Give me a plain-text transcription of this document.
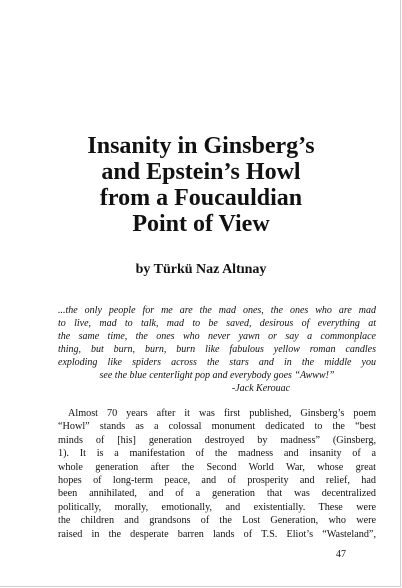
Insanity in Ginsberg’s
and Epstein’s Howl
from a Foucauldian
Point of View
by Türkü Naz Altınay
...the only people for me are the mad ones, the ones who are mad
to live, mad to talk, mad to be saved, desirous of everything at
the same time, the ones who never yawn or say a commonplace
thing, but burn, burn, burn like fabulous yellow roman candles
exploding like spiders across the stars and in the middle you
see the blue centerlight pop and everybody goes “Awww!”
-Jack Kerouac
Almost 70 years after it was first published, Ginsberg’s poem
“Howl” stands as a colossal monument dedicated to the “best
minds of [his] generation destroyed by madness” (Ginsberg,
1). It is a manifestation of the madness and insanity of a
whole generation after the Second World War, whose great
hopes of long-term peace, and of prosperity and relief, had
been annihilated, and of a generation that was decentralized
politically, morally, emotionally, and existentially. These were
the children and grandsons of the Lost Generation, who were
raised in the desperate barren lands of T.S. Eliot’s “Wasteland”,
47
